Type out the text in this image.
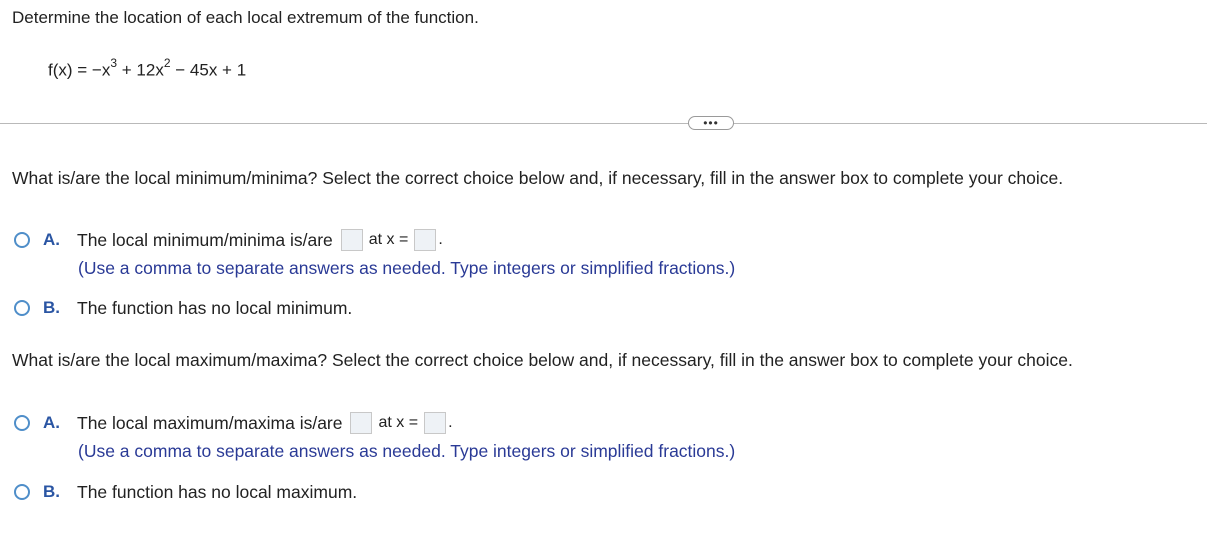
Determine the location of each local extremum of the function.
$f(x) = -x^3 + 12x^2 - 45x + 1$
•••
What is/are the local minimum/minima? Select the correct choice below and, if necessary, fill in the answer box to complete your choice.
A. The local minimum/minima is/are at x = .
(Use a comma to separate answers as needed. Type integers or simplified fractions.)
B. The function has no local minimum.
What is/are the local maximum/maxima? Select the correct choice below and, if necessary, fill in the answer box to complete your choice.
A. The local maximum/maxima is/are at x = .
(Use a comma to separate answers as needed. Type integers or simplified fractions.)
B. The function has no local maximum.
